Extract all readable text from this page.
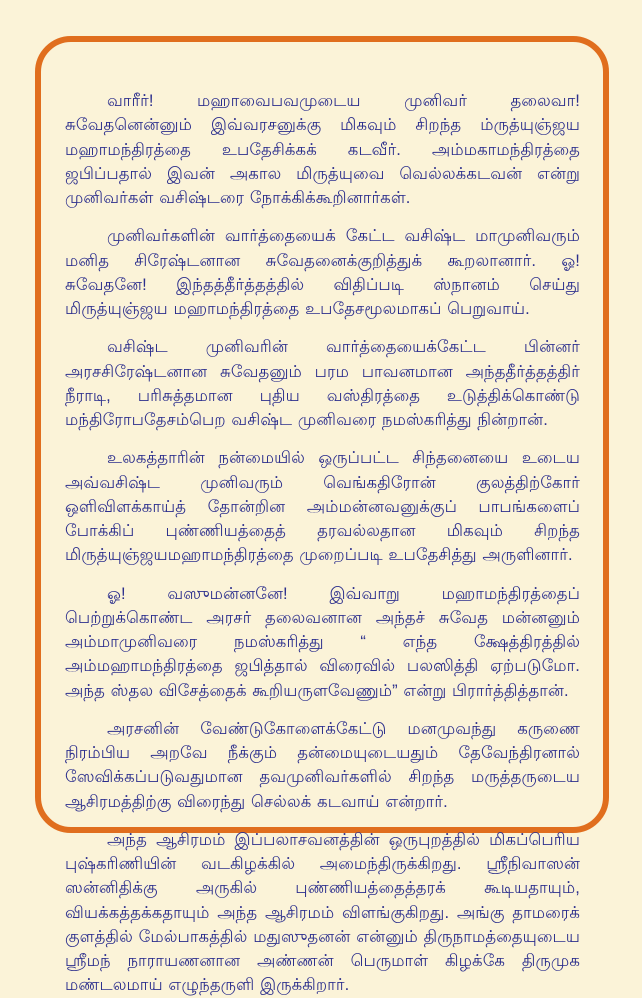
வாரீர்! மஹாவைபவமுடைய முனிவர் தலைவா! சுவேதனென்னும் இவ்வரசனுக்கு மிகவும் சிறந்த ம்ருத்யுஞ்ஜய மஹாமந்திரத்தை உபதேசிக்கக் கடவீர். அம்மகாமந்திரத்தை ஜபிப்பதால் இவன் அகால மிருத்யுவை வெல்லக்கடவன் என்று முனிவர்கள் வசிஷ்டரை நோக்கிக்கூறினார்கள்.

முனிவர்களின் வார்த்தையைக் கேட்ட வசிஷ்ட மாமுனிவரும் மனித சிரேஷ்டனான சுவேதனைக்குறித்துக் கூறலானார். ஓ! சுவேதனே! இந்தத்தீர்த்தத்தில் விதிப்படி ஸ்நானம் செய்து மிருத்யுஞ்ஜய மஹாமந்திரத்தை உபதேசமூலமாகப் பெறுவாய்.

வசிஷ்ட முனிவரின் வார்த்தையைக்கேட்ட பின்னர் அரசசிரேஷ்டனான சுவேதனும் பரம பாவனமான அந்ததீர்த்தத்திர் நீராடி, பரிசுத்தமான புதிய வஸ்திரத்தை உடுத்திக்கொண்டு மந்திரோபதேசம்பெற வசிஷ்ட முனிவரை நமஸ்கரித்து நின்றான்.

உலகத்தாரின் நன்மையில் ஒருப்பட்ட சிந்தனையை உடைய அவ்வசிஷ்ட முனிவரும் வெங்கதிரோன் குலத்திற்கோர் ஒளிவிளக்காய்த் தோன்றின அம்மன்னவனுக்குப் பாபங்களைப் போக்கிப் புண்ணியத்தைத் தரவல்லதான மிகவும் சிறந்த மிருத்யுஞ்ஜயமஹாமந்திரத்தை முறைப்படி உபதேசித்து அருளினார்.

ஓ! வஸுமன்னனே! இவ்வாறு மஹாமந்திரத்தைப் பெற்றுக்கொண்ட அரசர் தலைவனான அந்தச் சுவேத மன்னனும் அம்மாமுனிவரை நமஸ்கரித்து “ எந்த க்ஷேத்திரத்தில் அம்மஹாமந்திரத்தை ஜபித்தால் விரைவில் பலஸித்தி ஏற்படுமோ. அந்த ஸ்தல விசேத்தைக் கூறியருளவேணும்” என்று பிரார்த்தித்தான்.

அரசனின் வேண்டுகோளைக்கேட்டு மனமுவந்து கருணை நிரம்பிய அறவே நீக்கும் தன்மையுடையதும் தேவேந்திரனால் ஸேவிக்கப்படுவதுமான தவமுனிவர்களில் சிறந்த மருத்தருடைய ஆசிரமத்திற்கு விரைந்து செல்லக் கடவாய் என்றார்.

அந்த ஆசிரமம் இப்பலாசவனத்தின் ஒருபுறத்தில் மிகப்பெரிய புஷ்கரிணியின் வடகிழக்கில் அமைந்திருக்கிறது. ஸ்ரீநிவாஸன் ஸன்னிதிக்கு அருகில் புண்ணியத்தைத்தரக் கூடியதாயும், வியக்கத்தக்கதாயும் அந்த ஆசிரமம் விளங்குகிறது. அங்கு தாமரைக் குளத்தில் மேல்பாகத்தில் மதுஸுதனன் என்னும் திருநாமத்தையுடைய ஸ்ரீமந் நாராயணனான அண்ணன் பெருமாள் கிழக்கே திருமுக மண்டலமாய் எழுந்தருளி இருக்கிறார்.
